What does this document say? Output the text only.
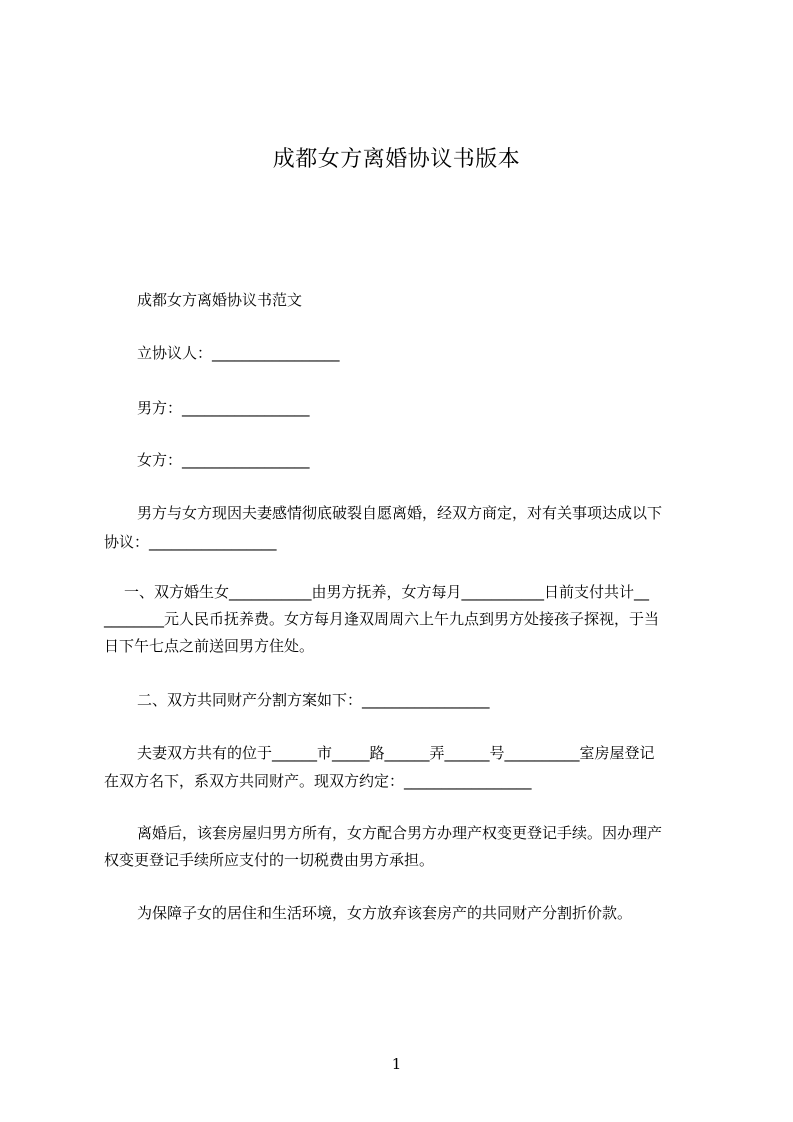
成都女方离婚协议书版本
成都女方离婚协议书范文
立协议人：_________________
男方：_________________
女方：_________________
男方与女方现因夫妻感情彻底破裂自愿离婚，经双方商定，对有关事项达成以下
协议：_________________
一、双方婚生女___________由男方抚养，女方每月___________日前支付共计__
________元人民币抚养费。女方每月逢双周周六上午九点到男方处接孩子探视，于当
日下午七点之前送回男方住处。
二、双方共同财产分割方案如下：_________________
夫妻双方共有的位于______市_____路______弄______号__________室房屋登记
在双方名下，系双方共同财产。现双方约定：_________________
离婚后，该套房屋归男方所有，女方配合男方办理产权变更登记手续。因办理产
权变更登记手续所应支付的一切税费由男方承担。
为保障子女的居住和生活环境，女方放弃该套房产的共同财产分割折价款。
1
